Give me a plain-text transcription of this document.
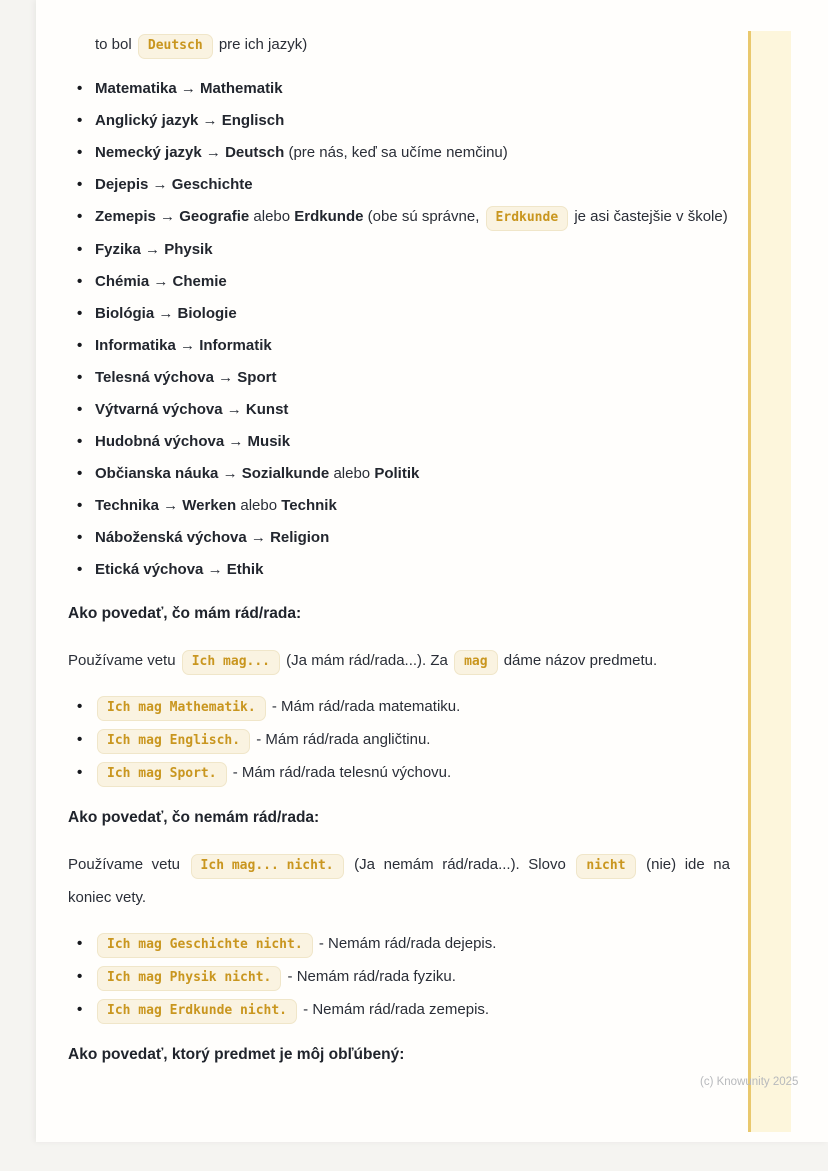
to bol Deutsch pre ich jazyk)

• Matematika → Mathematik
• Anglický jazyk → Englisch
• Nemecký jazyk → Deutsch (pre nás, keď sa učíme nemčinu)
• Dejepis → Geschichte
• Zemepis → Geografie alebo Erdkunde (obe sú správne, Erdkunde je asi častejšie v škole)
• Fyzika → Physik
• Chémia → Chemie
• Biológia → Biologie
• Informatika → Informatik
• Telesná výchova → Sport
• Výtvarná výchova → Kunst
• Hudobná výchova → Musik
• Občianska náuka → Sozialkunde alebo Politik
• Technika → Werken alebo Technik
• Náboženská výchova → Religion
• Etická výchova → Ethik
Ako povedať, čo mám rád/rada:

Používame vetu Ich mag... (Ja mám rád/rada...). Za mag dáme názov predmetu.

•	Ich mag Mathematik. - Mám rád/rada matematiku.
•	Ich mag Englisch. - Mám rád/rada angličtinu.
•	Ich mag Sport. - Mám rád/rada telesnú výchovu.
Ako povedať, čo nemám rád/rada:

Používame vetu Ich mag... nicht. (Ja nemám rád/rada...). Slovo nicht (nie) ide na koniec vety.

•	Ich mag Geschichte nicht. - Nemám rád/rada dejepis.
•	Ich mag Physik nicht. - Nemám rád/rada fyziku.
•	Ich mag Erdkunde nicht. - Nemám rád/rada zemepis.
Ako povedať, ktorý predmet je môj obľúbený:
(c) Knowunity 2025
